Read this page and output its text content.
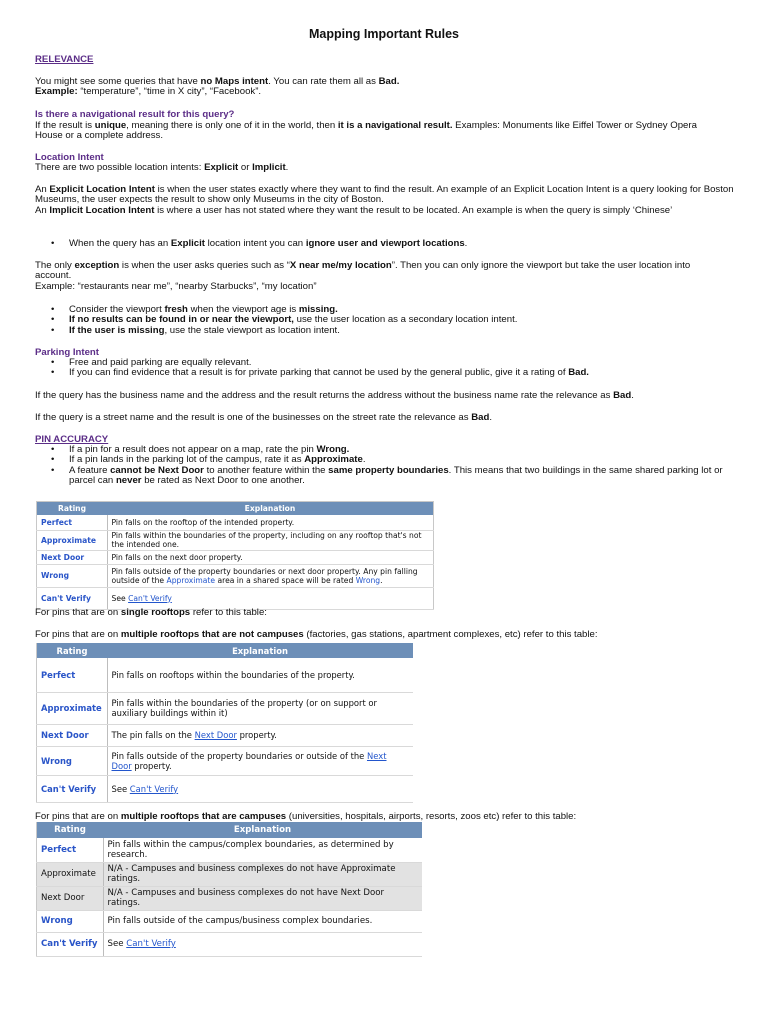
Mapping Important Rules
RELEVANCE

You might see some queries that have no Maps intent. You can rate them all as Bad.

Example: “temperature”, “time in X city”, “Facebook”.

Is there a navigational result for this query?
If the result is unique, meaning there is only one of it in the world, then it is a navigational result. Examples: Monuments like Eiffel Tower or Sydney Opera House or a complete address.
Location Intent
There are two possible location intents: Explicit or Implicit.

An Explicit Location Intent is when the user states exactly where they want to find the result. An example of an Explicit Location Intent is a query looking for Boston Museums, the user expects the result to show only Museums in the city of Boston.

An Implicit Location Intent is where a user has not stated where they want the result to be located. An example is when the query is simply ‘Chinese’

• When the query has an Explicit location intent you can ignore user and viewport locations.

The only exception is when the user asks queries such as “X near me/my location”. Then you can only ignore the viewport but take the user location into account.

Example: “restaurants near me”, “nearby Starbucks”, “my location”

• Consider the viewport fresh when the viewport age is missing.
• If no results can be found in or near the viewport, use the user location as a secondary location intent.
• If the user is missing, use the stale viewport as location intent.
Parking Intent
• Free and paid parking are equally relevant.
• If you can find evidence that a result is for private parking that cannot be used by the general public, give it a rating of Bad.
If the query has the business name and the address and the result returns the address without the business name rate the relevance as Bad.
If the query is a street name and the result is one of the businesses on the street rate the relevance as Bad.
PIN ACCURACY
• If a pin for a result does not appear on a map, rate the pin Wrong.
• If a pin lands in the parking lot of the campus, rate it as Approximate.
• A feature cannot be Next Door to another feature within the same property boundaries. This means that two buildings in the same shared parking lot or parcel can never be rated as Next Door to one another.
Rating	Explanation
Perfect	Pin falls on the rooftop of the intended property.
Approximate	Pin falls within the boundaries of the property, including on any rooftop that's not the intended one.
Next Door	Pin falls on the next door property.
Wrong	Pin falls outside of the property boundaries or next door property. Any pin falling outside of the Approximate area in a shared space will be rated Wrong.
Can't Verify	See Can't Verify
For pins that are on single rooftops refer to this table:
For pins that are on multiple rooftops that are not campuses (factories, gas stations, apartment complexes, etc) refer to this table:
Rating	Explanation
Perfect	Pin falls on rooftops within the boundaries of the property.
Approximate	Pin falls within the boundaries of the property (or on support or auxiliary buildings within it)
Next Door	The pin falls on the Next Door property.
Wrong	Pin falls outside of the property boundaries or outside of the Next Door property.
Can't Verify	See Can't Verify
For pins that are on multiple rooftops that are campuses (universities, hospitals, airports, resorts, zoos etc) refer to this table:
Rating	Explanation
Perfect	Pin falls within the campus/complex boundaries, as determined by research.
Approximate	N/A - Campuses and business complexes do not have Approximate ratings.
Next Door	N/A - Campuses and business complexes do not have Next Door ratings.
Wrong	Pin falls outside of the campus/business complex boundaries.
Can't Verify	See Can't Verify
